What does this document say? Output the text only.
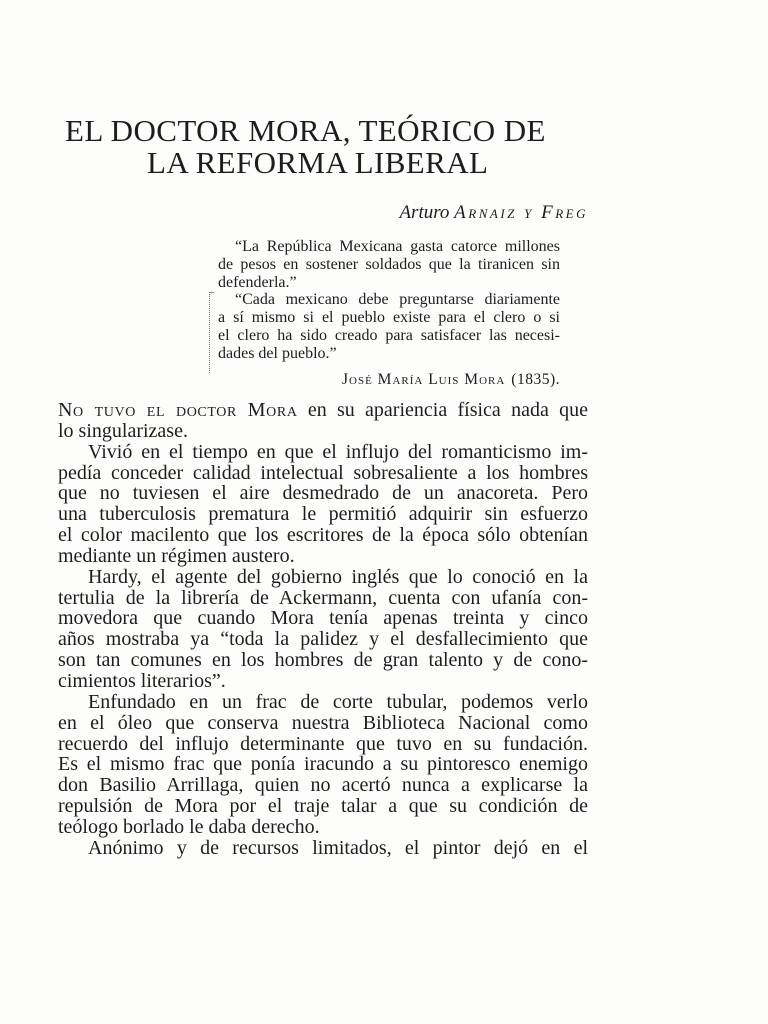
EL DOCTOR MORA, TEÓRICO DE
LA REFORMA LIBERAL
Arturo Arnaiz y Freg
“La República Mexicana gasta catorce millones
de pesos en sostener soldados que la tiranicen sin
defenderla.”
“Cada mexicano debe preguntarse diariamente
a sí mismo si el pueblo existe para el clero o si
el clero ha sido creado para satisfacer las necesi-
dades del pueblo.”
José María Luis Mora (1835).
No tuvo el doctor Mora en su apariencia física nada que
lo singularizase.
Vivió en el tiempo en que el influjo del romanticismo im-
pedía conceder calidad intelectual sobresaliente a los hombres
que no tuviesen el aire desmedrado de un anacoreta. Pero
una tuberculosis prematura le permitió adquirir sin esfuerzo
el color macilento que los escritores de la época sólo obtenían
mediante un régimen austero.
Hardy, el agente del gobierno inglés que lo conoció en la
tertulia de la librería de Ackermann, cuenta con ufanía con-
movedora que cuando Mora tenía apenas treinta y cinco
años mostraba ya “toda la palidez y el desfallecimiento que
son tan comunes en los hombres de gran talento y de cono-
cimientos literarios”.
Enfundado en un frac de corte tubular, podemos verlo
en el óleo que conserva nuestra Biblioteca Nacional como
recuerdo del influjo determinante que tuvo en su fundación.
Es el mismo frac que ponía iracundo a su pintoresco enemigo
don Basilio Arrillaga, quien no acertó nunca a explicarse la
repulsión de Mora por el traje talar a que su condición de
teólogo borlado le daba derecho.
Anónimo y de recursos limitados, el pintor dejó en el
